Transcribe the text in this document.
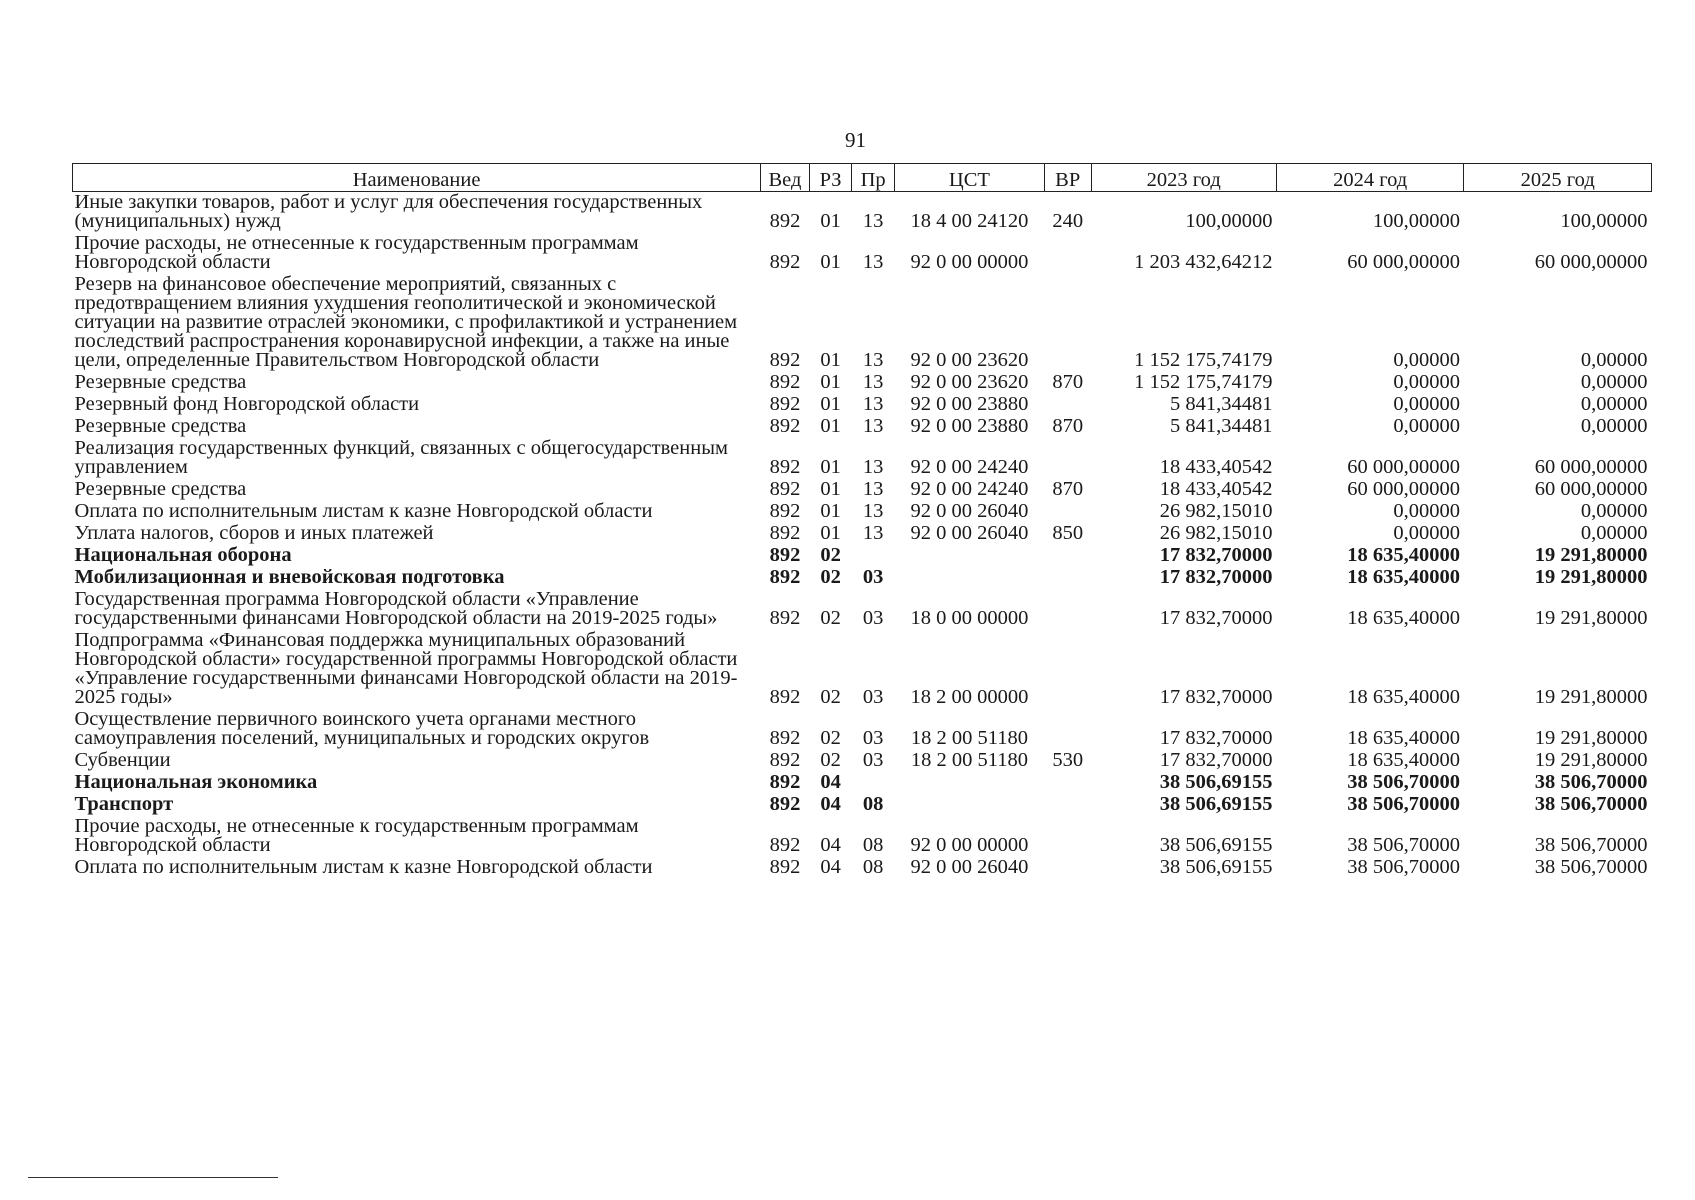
91
Наименование	Вед	РЗ	Пр	ЦСТ	ВР	2023 год	2024 год	2025 год
Иные закупки товаров, работ и услуг для обеспечения государственных (муниципальных) нужд	892	01	13	18 4 00 24120	240	100,00000	100,00000	100,00000
Прочие расходы, не отнесенные к государственным программам Новгородской области	892	01	13	92 0 00 00000		1 203 432,64212	60 000,00000	60 000,00000
Резерв на финансовое обеспечение мероприятий, связанных с предотвращением влияния ухудшения геополитической и экономической ситуации на развитие отраслей экономики, с профилактикой и устранением последствий распространения коронавирусной инфекции, а также на иные цели, определенные Правительством Новгородской области	892	01	13	92 0 00 23620		1 152 175,74179	0,00000	0,00000
Резервные средства	892	01	13	92 0 00 23620	870	1 152 175,74179	0,00000	0,00000
Резервный фонд Новгородской области	892	01	13	92 0 00 23880		5 841,34481	0,00000	0,00000
Резервные средства	892	01	13	92 0 00 23880	870	5 841,34481	0,00000	0,00000
Реализация государственных функций, связанных с общегосударственным управлением	892	01	13	92 0 00 24240		18 433,40542	60 000,00000	60 000,00000
Резервные средства	892	01	13	92 0 00 24240	870	18 433,40542	60 000,00000	60 000,00000
Оплата по исполнительным листам к казне Новгородской области	892	01	13	92 0 00 26040		26 982,15010	0,00000	0,00000
Уплата налогов, сборов и иных платежей	892	01	13	92 0 00 26040	850	26 982,15010	0,00000	0,00000
Национальная оборона	892	02				17 832,70000	18 635,40000	19 291,80000
Мобилизационная и вневойсковая подготовка	892	02	03			17 832,70000	18 635,40000	19 291,80000
Государственная программа Новгородской области «Управление государственными финансами Новгородской области на 2019-2025 годы»	892	02	03	18 0 00 00000		17 832,70000	18 635,40000	19 291,80000
Подпрограмма «Финансовая поддержка муниципальных образований Новгородской области» государственной программы Новгородской области «Управление государственными финансами Новгородской области на 2019-2025 годы»	892	02	03	18 2 00 00000		17 832,70000	18 635,40000	19 291,80000
Осуществление первичного воинского учета органами местного самоуправления поселений, муниципальных и городских округов	892	02	03	18 2 00 51180		17 832,70000	18 635,40000	19 291,80000
Субвенции	892	02	03	18 2 00 51180	530	17 832,70000	18 635,40000	19 291,80000
Национальная экономика	892	04				38 506,69155	38 506,70000	38 506,70000
Транспорт	892	04	08			38 506,69155	38 506,70000	38 506,70000
Прочие расходы, не отнесенные к государственным программам Новгородской области	892	04	08	92 0 00 00000		38 506,69155	38 506,70000	38 506,70000
Оплата по исполнительным листам к казне Новгородской области	892	04	08	92 0 00 26040		38 506,69155	38 506,70000	38 506,70000
